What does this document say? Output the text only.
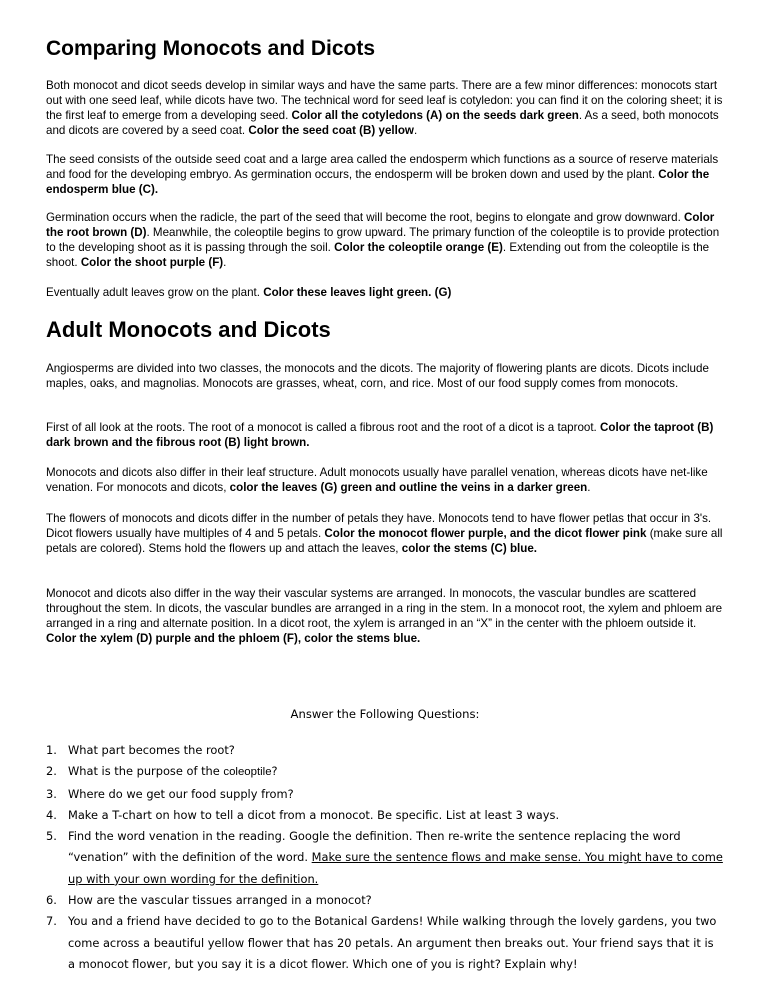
Comparing Monocots and Dicots

Both monocot and dicot seeds develop in similar ways and have the same parts. There are a few minor differences: monocots start out with one seed leaf, while dicots have two. The technical word for seed leaf is cotyledon: you can find it on the coloring sheet; it is the first leaf to emerge from a developing seed. Color all the cotyledons (A) on the seeds dark green. As a seed, both monocots and dicots are covered by a seed coat. Color the seed coat (B) yellow.

The seed consists of the outside seed coat and a large area called the endosperm which functions as a source of reserve materials and food for the developing embryo. As germination occurs, the endosperm will be broken down and used by the plant. Color the endosperm blue (C).

Germination occurs when the radicle, the part of the seed that will become the root, begins to elongate and grow downward. Color the root brown (D). Meanwhile, the coleoptile begins to grow upward. The primary function of the coleoptile is to provide protection to the developing shoot as it is passing through the soil. Color the coleoptile orange (E). Extending out from the coleoptile is the shoot. Color the shoot purple (F).

Eventually adult leaves grow on the plant. Color these leaves light green. (G)

Adult Monocots and Dicots

Angiosperms are divided into two classes, the monocots and the dicots. The majority of flowering plants are dicots. Dicots include maples, oaks, and magnolias. Monocots are grasses, wheat, corn, and rice. Most of our food supply comes from monocots.

First of all look at the roots. The root of a monocot is called a fibrous root and the root of a dicot is a taproot. Color the taproot (B) dark brown and the fibrous root (B) light brown.

Monocots and dicots also differ in their leaf structure. Adult monocots usually have parallel venation, whereas dicots have net-like venation. For monocots and dicots, color the leaves (G) green and outline the veins in a darker green.

The flowers of monocots and dicots differ in the number of petals they have. Monocots tend to have flower petlas that occur in 3's. Dicot flowers usually have multiples of 4 and 5 petals. Color the monocot flower purple, and the dicot flower pink (make sure all petals are colored). Stems hold the flowers up and attach the leaves, color the stems (C) blue.

Monocot and dicots also differ in the way their vascular systems are arranged. In monocots, the vascular bundles are scattered throughout the stem. In dicots, the vascular bundles are arranged in a ring in the stem. In a monocot root, the xylem and phloem are arranged in a ring and alternate position. In a dicot root, the xylem is arranged in an “X” in the center with the phloem outside it. Color the xylem (D) purple and the phloem (F), color the stems blue.

Answer the Following Questions:
1. What part becomes the root?
2. What is the purpose of the coleoptile?
3. Where do we get our food supply from?
4. Make a T-chart on how to tell a dicot from a monocot. Be specific. List at least 3 ways.
5. Find the word venation in the reading. Google the definition. Then re-write the sentence replacing the word “venation” with the definition of the word. Make sure the sentence flows and make sense. You might have to come up with your own wording for the definition.
6. How are the vascular tissues arranged in a monocot?
7. You and a friend have decided to go to the Botanical Gardens! While walking through the lovely gardens, you two come across a beautiful yellow flower that has 20 petals. An argument then breaks out. Your friend says that it is a monocot flower, but you say it is a dicot flower. Which one of you is right? Explain why!
